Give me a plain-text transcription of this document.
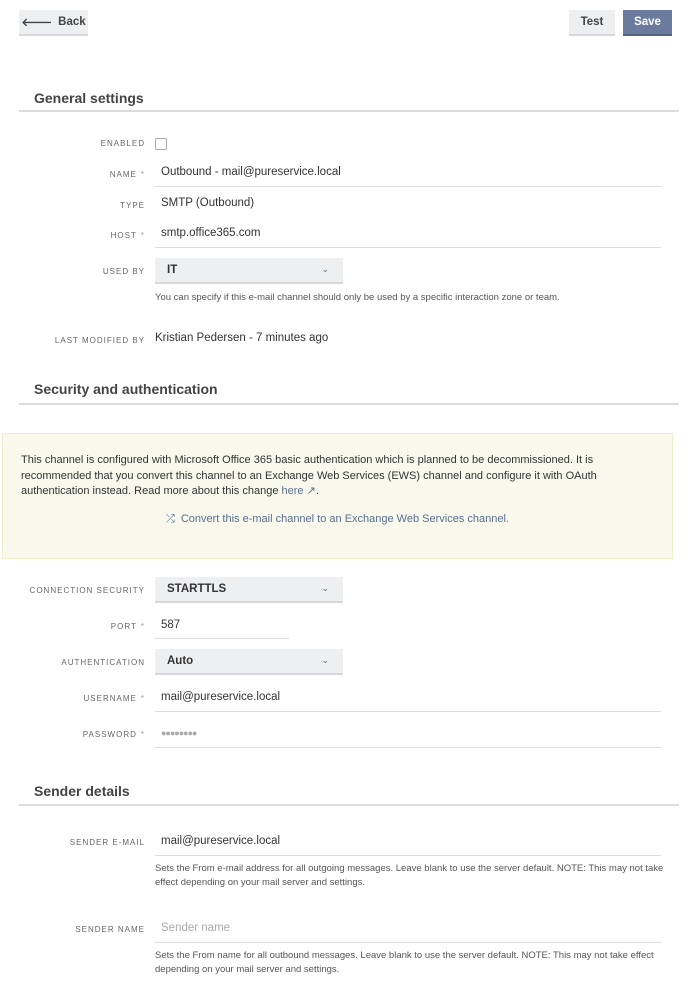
🡐 Back	Test	Save
General settings
ENABLED
NAME * Outbound - mail@pureservice.local
TYPE SMTP (Outbound)
HOST * smtp.office365.com
USED BY IT	⌄
You can specify if this e-mail channel should only be used by a specific interaction zone or team.
LAST MODIFIED BY Kristian Pedersen - 7 minutes ago
Security and authentication
This channel is configured with Microsoft Office 365 basic authentication which is planned to be decommissioned. It is recommended that you convert this channel to an Exchange Web Services (EWS) channel and configure it with OAuth authentication instead. Read more about this change here ↗.
⤮ Convert this e-mail channel to an Exchange Web Services channel.
CONNECTION SECURITY STARTTLS	⌄
PORT * 587
AUTHENTICATION Auto	⌄
USERNAME * mail@pureservice.local
PASSWORD * ●●●●●●●●
Sender details
SENDER E-MAIL mail@pureservice.local
Sets the From e-mail address for all outgoing messages. Leave blank to use the server default. NOTE: This may not take effect depending on your mail server and settings.
SENDER NAME Sender name
Sets the From name for all outbound messages. Leave blank to use the server default. NOTE: This may not take effect depending on your mail server and settings.
